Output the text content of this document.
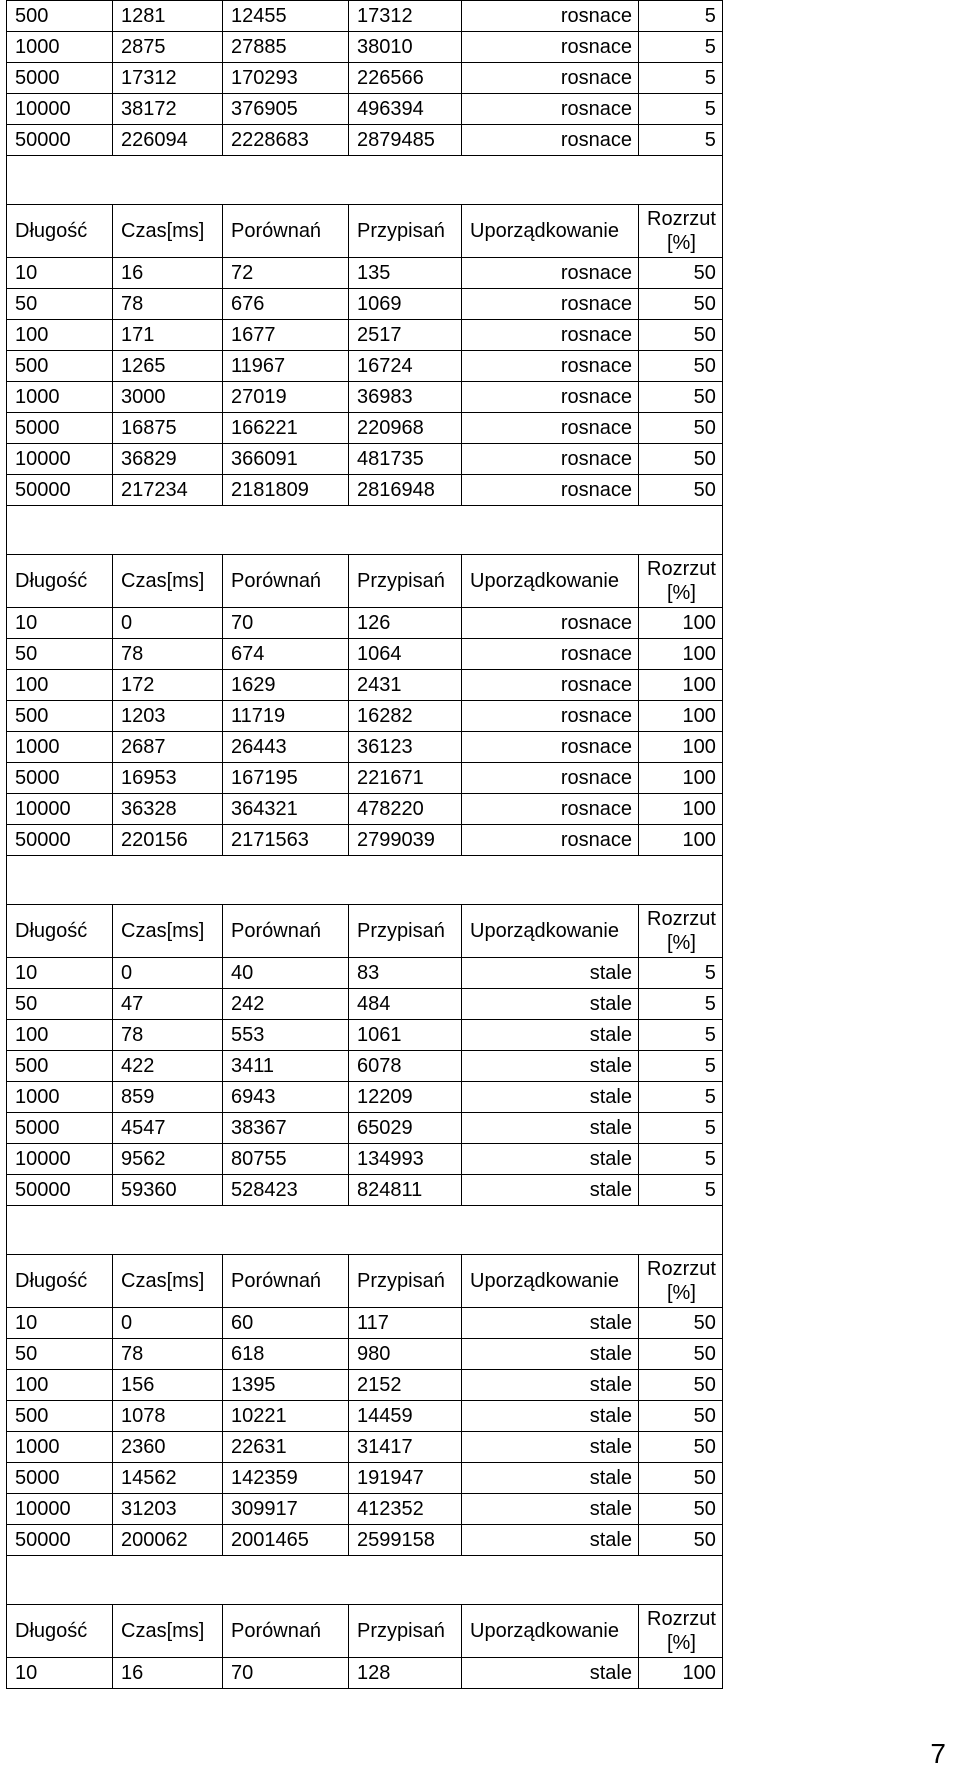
500	1281	12455	17312	rosnace	5
1000	2875	27885	38010	rosnace	5
5000	17312	170293	226566	rosnace	5
10000	38172	376905	496394	rosnace	5
50000	226094	2228683	2879485	rosnace	5

Długość	Czas[ms]	Porównań	Przypisań	Uporządkowanie	Rozrzut
[%]

10	16	72	135	rosnace	50
50	78	676	1069	rosnace	50
100	171	1677	2517	rosnace	50
500	1265	11967	16724	rosnace	50
1000	3000	27019	36983	rosnace	50
5000	16875	166221	220968	rosnace	50
10000	36829	366091	481735	rosnace	50
50000	217234	2181809	2816948	rosnace	50

Długość	Czas[ms]	Porównań	Przypisań	Uporządkowanie	Rozrzut
[%]

10	0	70	126	rosnace	100
50	78	674	1064	rosnace	100
100	172	1629	2431	rosnace	100
500	1203	11719	16282	rosnace	100
1000	2687	26443	36123	rosnace	100
5000	16953	167195	221671	rosnace	100
10000	36328	364321	478220	rosnace	100
50000	220156	2171563	2799039	rosnace	100

Długość	Czas[ms]	Porównań	Przypisań	Uporządkowanie	Rozrzut
[%]

10	0	40	83	stale	5
50	47	242	484	stale	5
100	78	553	1061	stale	5
500	422	3411	6078	stale	5
1000	859	6943	12209	stale	5
5000	4547	38367	65029	stale	5
10000	9562	80755	134993	stale	5
50000	59360	528423	824811	stale	5

Długość	Czas[ms]	Porównań	Przypisań	Uporządkowanie	Rozrzut
[%]

10	0	60	117	stale	50
50	78	618	980	stale	50
100	156	1395	2152	stale	50
500	1078	10221	14459	stale	50
1000	2360	22631	31417	stale	50
5000	14562	142359	191947	stale	50
10000	31203	309917	412352	stale	50
50000	200062	2001465	2599158	stale	50

Długość	Czas[ms]	Porównań	Przypisań	Uporządkowanie	Rozrzut
[%]

10	16	70	128	stale	100
7
